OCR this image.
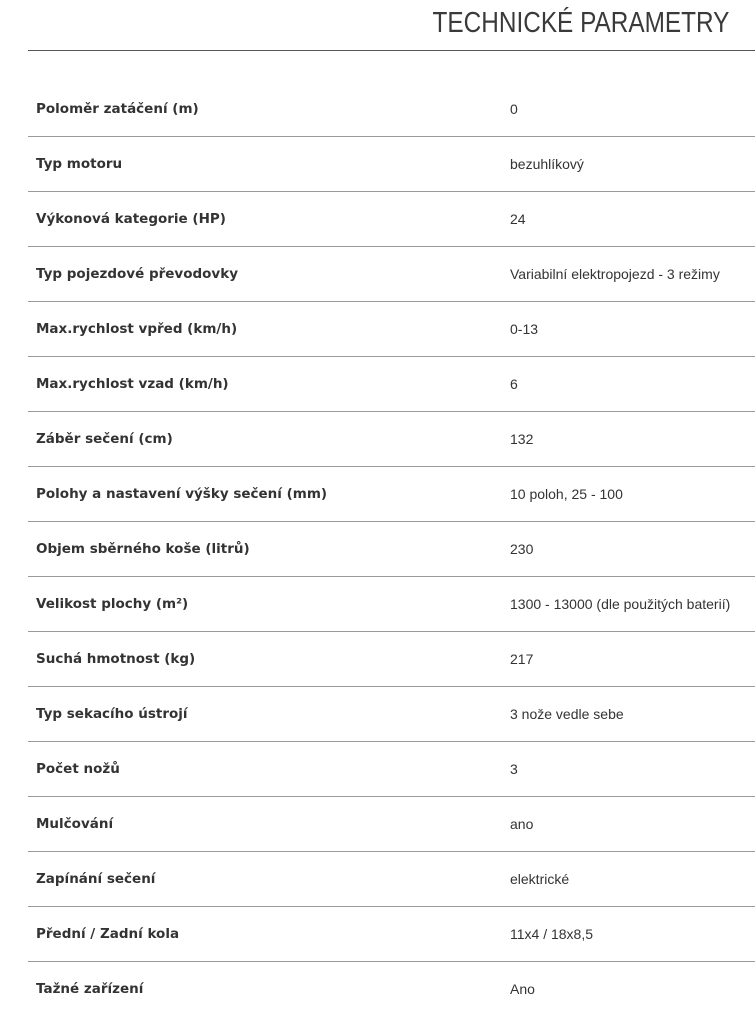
TECHNICKÉ PARAMETRY
Poloměr zatáčení (m)	0
Typ motoru	bezuhlíkový
Výkonová kategorie (HP)	24
Typ pojezdové převodovky	Variabilní elektropojezd - 3 režimy
Max.rychlost vpřed (km/h)	0-13
Max.rychlost vzad (km/h)	6
Záběr sečení (cm)	132
Polohy a nastavení výšky sečení (mm)	10 poloh, 25 - 100
Objem sběrného koše (litrů)	230
Velikost plochy (m²)	1300 - 13000 (dle použitých baterií)
Suchá hmotnost (kg)	217
Typ sekacího ústrojí	3 nože vedle sebe
Počet nožů	3
Mulčování	ano
Zapínání sečení	elektrické
Přední / Zadní kola	11x4 / 18x8,5
Tažné zařízení	Ano
